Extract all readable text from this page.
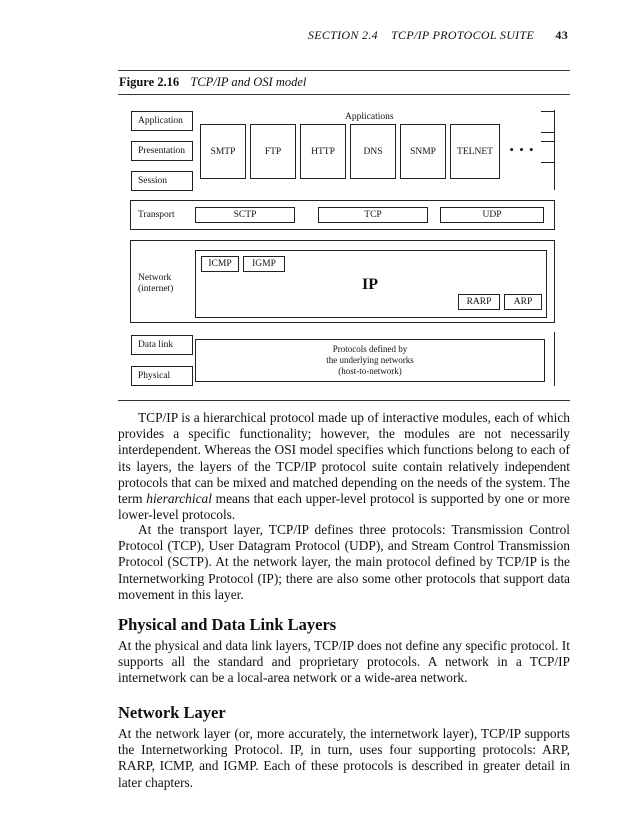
SECTION 2.4 TCP/IP PROTOCOL SUITE 43
Figure 2.16 TCP/IP and OSI model
Application
Presentation
Session
Applications
SMTP	FTP	HTTP	DNS	SNMP	TELNET	• • •
Transport	SCTP	TCP	UDP
Network
(internet)
ICMP	IGMP
IP
RARP	ARP
Data link
Physical
Protocols defined by
the underlying networks
(host-to-network)

TCP/IP is a hierarchical protocol made up of interactive modules, each of which provides a specific functionality; however, the modules are not necessarily interdependent. Whereas the OSI model specifies which functions belong to each of its layers, the layers of the TCP/IP protocol suite contain relatively independent protocols that can be mixed and matched depending on the needs of the system. The term hierarchical means that each upper-level protocol is supported by one or more lower-level protocols.

At the transport layer, TCP/IP defines three protocols: Transmission Control Protocol (TCP), User Datagram Protocol (UDP), and Stream Control Transmission Protocol (SCTP). At the network layer, the main protocol defined by TCP/IP is the Internetworking Protocol (IP); there are also some other protocols that support data movement in this layer.

Physical and Data Link Layers

At the physical and data link layers, TCP/IP does not define any specific protocol. It supports all the standard and proprietary protocols. A network in a TCP/IP internetwork can be a local-area network or a wide-area network.

Network Layer

At the network layer (or, more accurately, the internetwork layer), TCP/IP supports the Internetworking Protocol. IP, in turn, uses four supporting protocols: ARP, RARP, ICMP, and IGMP. Each of these protocols is described in greater detail in later chapters.
